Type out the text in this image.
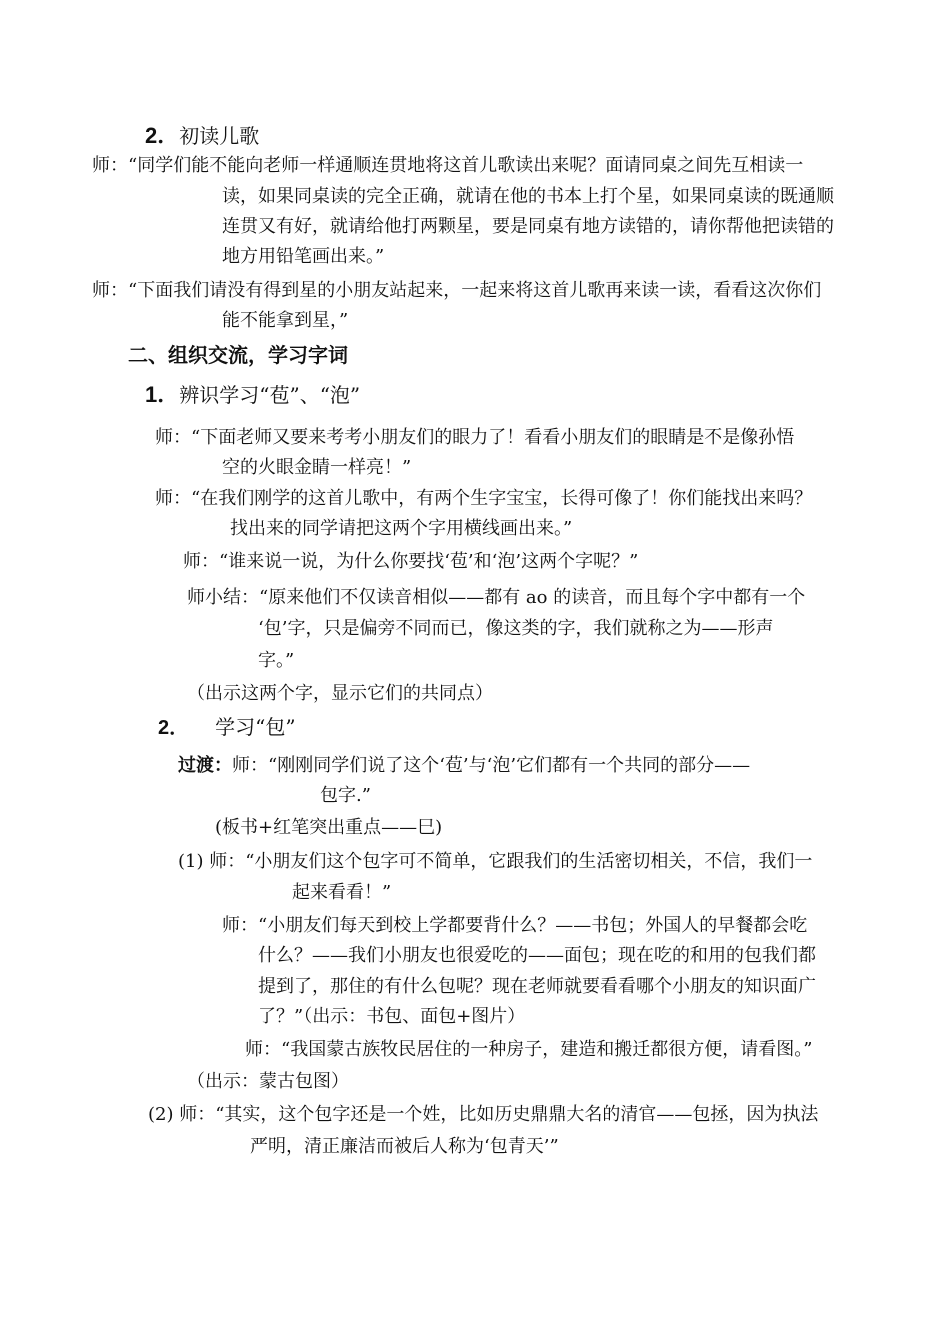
2．初读儿歌
师：“同学们能不能向老师一样通顺连贯地将这首儿歌读出来呢？面请同桌之间先互相读一
读，如果同桌读的完全正确，就请在他的书本上打个星，如果同桌读的既通顺
连贯又有好，就请给他打两颗星，要是同桌有地方读错的，请你帮他把读错的
地方用铅笔画出来。”
师：“下面我们请没有得到星的小朋友站起来，一起来将这首儿歌再来读一读，看看这次你们
能不能拿到星，”
二、组织交流，学习字词
1．辨识学习“苞”、“泡”
师：“下面老师又要来考考小朋友们的眼力了！看看小朋友们的眼睛是不是像孙悟
空的火眼金睛一样亮！”
师：“在我们刚学的这首儿歌中，有两个生字宝宝，长得可像了！你们能找出来吗？
找出来的同学请把这两个字用横线画出来。”
师：“谁来说一说，为什么你要找‘苞’和‘泡’这两个字呢？”
师小结：“原来他们不仅读音相似——都有 ao 的读音，而且每个字中都有一个
‘包’字，只是偏旁不同而已，像这类的字，我们就称之为——形声
字。”
（出示这两个字，显示它们的共同点）
2． 学习“包”
过渡：师：“刚刚同学们说了这个‘苞’与‘泡’它们都有一个共同的部分——
包字.”
(板书+红笔突出重点——巳)
(1) 师：“小朋友们这个包字可不简单，它跟我们的生活密切相关，不信，我们一
起来看看！”
师：“小朋友们每天到校上学都要背什么？——书包；外国人的早餐都会吃
什么？——我们小朋友也很爱吃的——面包；现在吃的和用的包我们都
提到了，那住的有什么包呢？现在老师就要看看哪个小朋友的知识面广
了？”（出示：书包、面包+图片）
师：“我国蒙古族牧民居住的一种房子，建造和搬迁都很方便，请看图。”
（出示：蒙古包图）
(2) 师：“其实，这个包字还是一个姓，比如历史鼎鼎大名的清官——包拯，因为执法
严明，清正廉洁而被后人称为‘包青天’”
